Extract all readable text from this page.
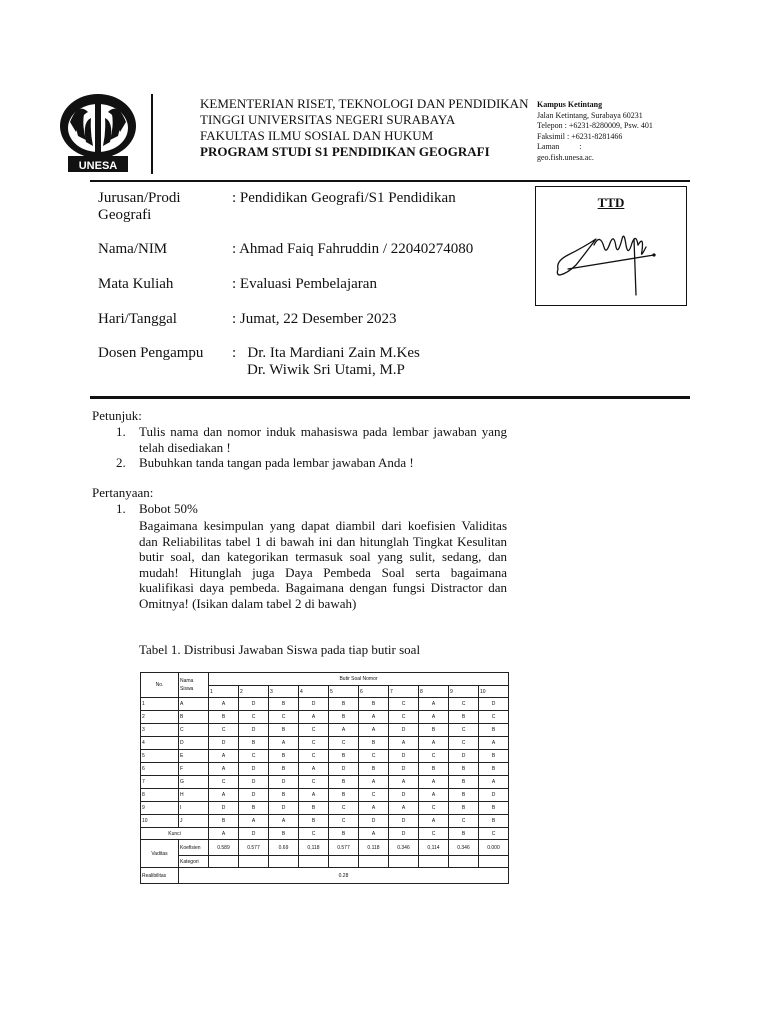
UNESA
KEMENTERIAN RISET, TEKNOLOGI DAN PENDIDIKAN
TINGGI UNIVERSITAS NEGERI SURABAYA
FAKULTAS ILMU SOSIAL DAN HUKUM
PROGRAM STUDI S1 PENDIDIKAN GEOGRAFI
Kampus Ketintang
Jalan Ketintang, Surabaya 60231
Telepon : +6231-8280009, Psw. 401
Faksimil : +6231-8281466
Laman          :
geo.fish.unesa.ac.
Jurusan/Prodi
Geografi
: Pendidikan Geografi/S1 Pendidikan
Nama/NIM	: Ahmad Faiq Fahruddin / 22040274080
Mata Kuliah	: Evaluasi Pembelajaran
Hari/Tanggal	: Jumat, 22 Desember 2023
Dosen Pengampu :   Dr. Ita Mardiani Zain M.Kes
Dr. Wiwik Sri Utami, M.P
TTD
Petunjuk:
1. Tulis nama dan nomor induk mahasiswa pada lembar jawaban yang telah disediakan !
2. Bubuhkan tanda tangan pada lembar jawaban Anda !
Pertanyaan:
1. Bobot 50%
Bagaimana kesimpulan yang dapat diambil dari koefisien Validitas dan Reliabilitas tabel 1 di bawah ini dan hitunglah Tingkat Kesulitan butir soal, dan kategorikan termasuk soal yang sulit, sedang, dan mudah! Hitunglah juga Daya Pembeda Soal serta bagaimana kualifikasi daya pembeda. Bagaimana dengan fungsi Distractor dan Omitnya! (Isikan dalam tabel 2 di bawah)
Tabel 1. Distribusi Jawaban Siswa pada tiap butir soal
No.	Nama Siswa	Butir Soal Nomor									
		1	2	3	4	5	6	7	8	9	10
1	A	A	D	B	D	B	B	C	A	C	D
2	B	B	C	C	A	B	A	C	A	B	C
3	C	C	D	B	C	A	A	D	B	C	B
4	D	D	B	A	C	C	B	A	A	C	A
5	E	A	C	B	C	B	C	D	C	D	B
6	F	A	D	B	A	D	B	D	B	B	B
7	G	C	D	D	C	B	A	A	A	B	A
8	H	A	D	B	A	B	C	D	A	B	D
9	I	D	B	D	B	C	A	A	C	B	B
10	J	B	A	A	B	C	D	D	A	C	B
Kunci		A	D	B	C	B	A	D	C	B	C
Vaditas	Koefisien	0.589	0.577	0.69	0,118	0.577	0.118	0.346	0,114	0.346	0.000
	Kategori										
Realibilitas	0.28										
